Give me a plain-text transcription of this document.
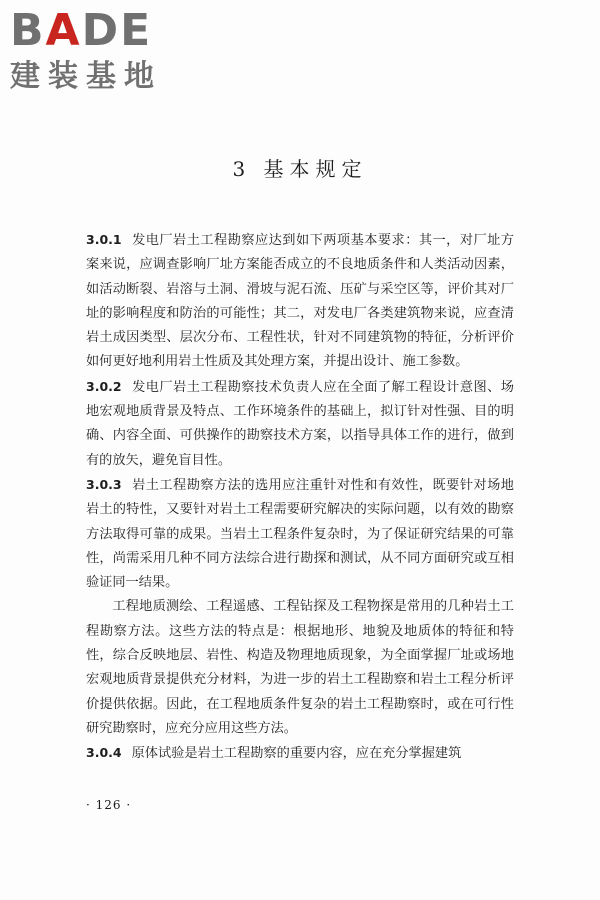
BADE
建装基地
3 基本规定

3.0.1 发电厂岩土工程勘察应达到如下两项基本要求：其一，对厂址方案来说，应调查影响厂址方案能否成立的不良地质条件和人类活动因素，如活动断裂、岩溶与土洞、滑坡与泥石流、压矿与采空区等，评价其对厂址的影响程度和防治的可能性；其二，对发电厂各类建筑物来说，应查清岩土成因类型、层次分布、工程性状，针对不同建筑物的特征，分析评价如何更好地利用岩土性质及其处理方案，并提出设计、施工参数。

3.0.2 发电厂岩土工程勘察技术负责人应在全面了解工程设计意图、场地宏观地质背景及特点、工作环境条件的基础上，拟订针对性强、目的明确、内容全面、可供操作的勘察技术方案，以指导具体工作的进行，做到有的放矢，避免盲目性。

3.0.3 岩土工程勘察方法的选用应注重针对性和有效性，既要针对场地岩土的特性，又要针对岩土工程需要研究解决的实际问题，以有效的勘察方法取得可靠的成果。当岩土工程条件复杂时，为了保证研究结果的可靠性，尚需采用几种不同方法综合进行勘探和测试，从不同方面研究或互相验证同一结果。

工程地质测绘、工程遥感、工程钻探及工程物探是常用的几种岩土工程勘察方法。这些方法的特点是：根据地形、地貌及地质体的特征和特性，综合反映地层、岩性、构造及物理地质现象，为全面掌握厂址或场地宏观地质背景提供充分材料，为进一步的岩土工程勘察和岩土工程分析评价提供依据。因此，在工程地质条件复杂的岩土工程勘察时，或在可行性研究勘察时，应充分应用这些方法。

3.0.4 原体试验是岩土工程勘察的重要内容，应在充分掌握建筑

· 126 ·
